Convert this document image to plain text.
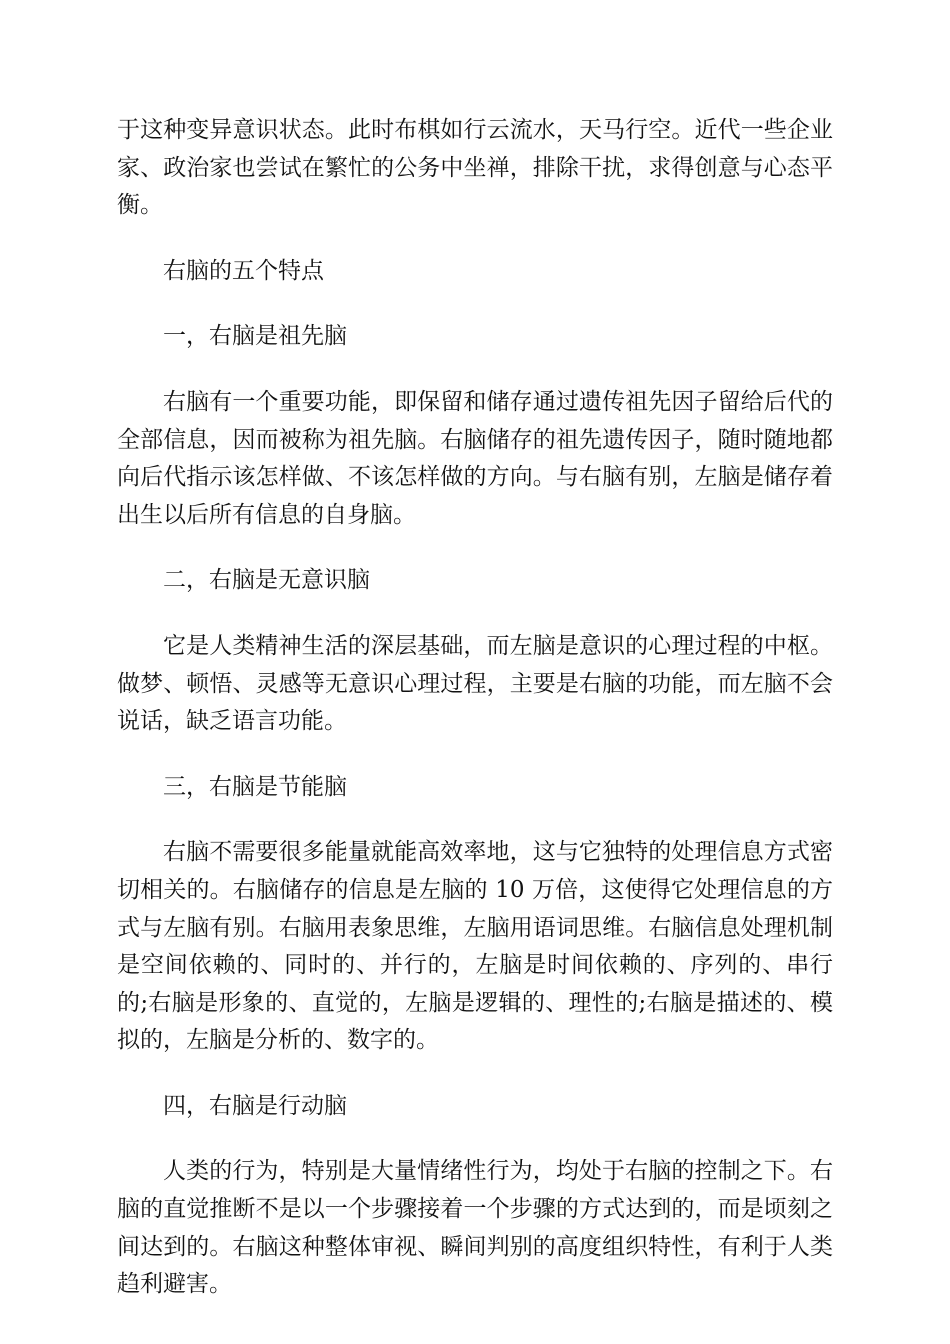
于这种变异意识状态。此时布棋如行云流水，天马行空。近代一些企业家、政治家也尝试在繁忙的公务中坐禅，排除干扰，求得创意与心态平衡。

右脑的五个特点

一，右脑是祖先脑

右脑有一个重要功能，即保留和储存通过遗传祖先因子留给后代的全部信息，因而被称为祖先脑。右脑储存的祖先遗传因子，随时随地都向后代指示该怎样做、不该怎样做的方向。与右脑有别，左脑是储存着出生以后所有信息的自身脑。

二，右脑是无意识脑

它是人类精神生活的深层基础，而左脑是意识的心理过程的中枢。做梦、顿悟、灵感等无意识心理过程，主要是右脑的功能，而左脑不会说话，缺乏语言功能。

三，右脑是节能脑

右脑不需要很多能量就能高效率地，这与它独特的处理信息方式密切相关的。右脑储存的信息是左脑的 10 万倍，这使得它处理信息的方式与左脑有别。右脑用表象思维，左脑用语词思维。右脑信息处理机制是空间依赖的、同时的、并行的，左脑是时间依赖的、序列的、串行的;右脑是形象的、直觉的，左脑是逻辑的、理性的;右脑是描述的、模拟的，左脑是分析的、数字的。

四，右脑是行动脑

人类的行为，特别是大量情绪性行为，均处于右脑的控制之下。右脑的直觉推断不是以一个步骤接着一个步骤的方式达到的，而是顷刻之间达到的。右脑这种整体审视、瞬间判别的高度组织特性，有利于人类趋利避害。
